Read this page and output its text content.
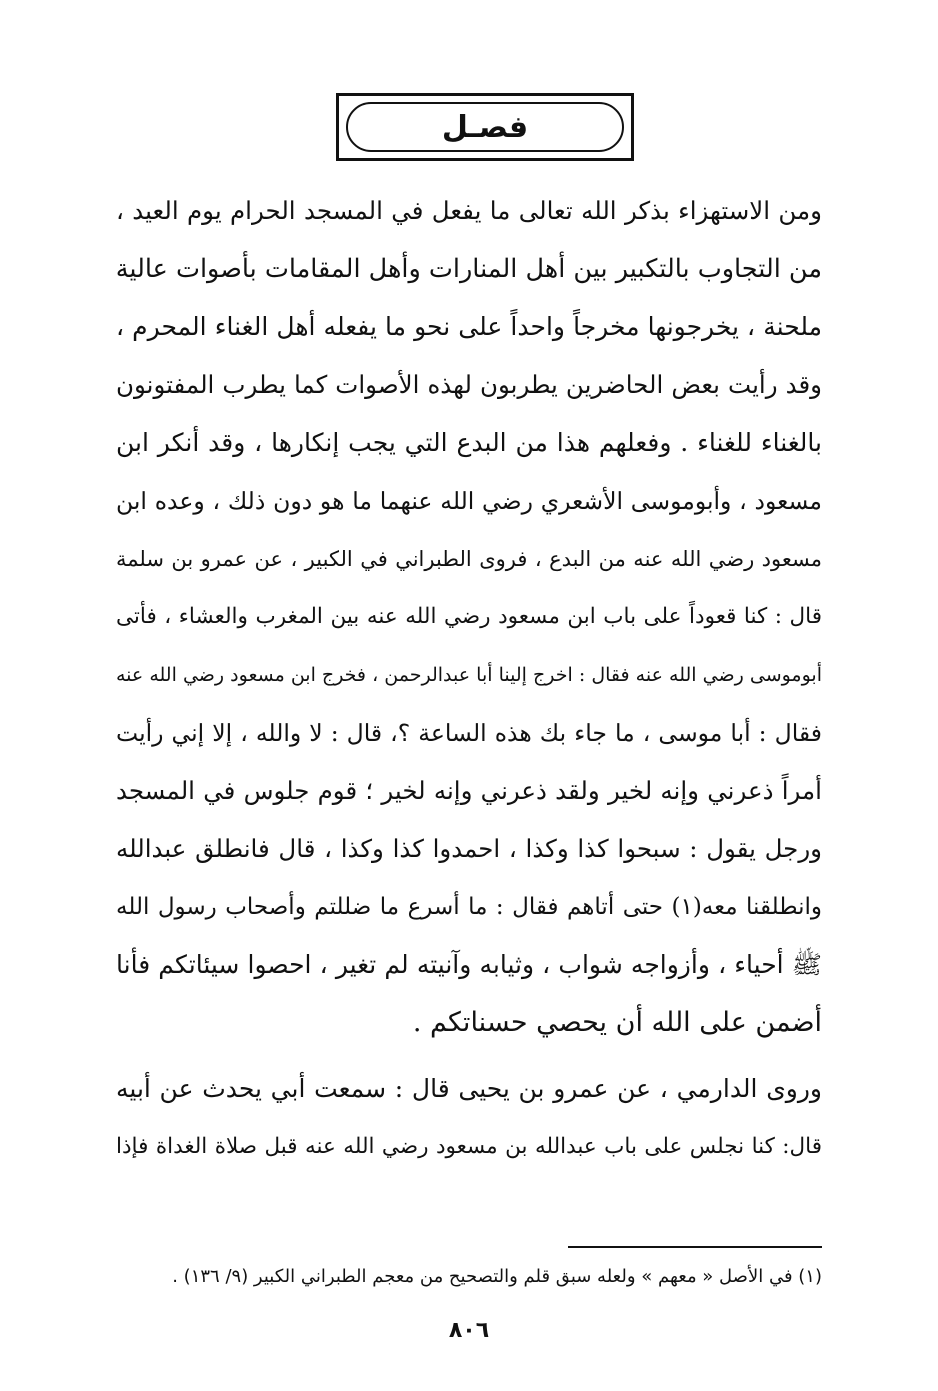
فصـل
ومن الاستهزاء بذكر الله تعالى ما يفعل في المسجد الحرام يوم العيد ،
من التجاوب بالتكبير بين أهل المنارات وأهل المقامات بأصوات عالية
ملحنة ، يخرجونها مخرجاً واحداً على نحو ما يفعله أهل الغناء المحرم ،
وقد رأيت بعض الحاضرين يطربون لهذه الأصوات كما يطرب المفتونون
بالغناء للغناء . وفعلهم هذا من البدع التي يجب إنكارها ، وقد أنكر ابن
مسعود ، وأبوموسى الأشعري رضي الله عنهما ما هو دون ذلك ، وعده ابن
مسعود رضي الله عنه من البدع ، فروى الطبراني في الكبير ، عن عمرو بن سلمة
قال : كنا قعوداً على باب ابن مسعود رضي الله عنه بين المغرب والعشاء ، فأتى
أبوموسى رضي الله عنه فقال : اخرج إلينا أبا عبدالرحمن ، فخرج ابن مسعود رضي الله عنه
فقال : أبا موسى ، ما جاء بك هذه الساعة ؟، قال : لا والله ، إلا إني رأيت
أمراً ذعرني وإنه لخير ولقد ذعرني وإنه لخير ؛ قوم جلوس في المسجد
ورجل يقول : سبحوا كذا وكذا ، احمدوا كذا وكذا ، قال فانطلق عبدالله
وانطلقنا معه(١) حتى أتاهم فقال : ما أسرع ما ضللتم وأصحاب رسول الله
ﷺ أحياء ، وأزواجه شواب ، وثيابه وآنيته لم تغير ، احصوا سيئاتكم فأنا
أضمن على الله أن يحصي حسناتكم .
وروى الدارمي ، عن عمرو بن يحيى قال : سمعت أبي يحدث عن أبيه
قال: كنا نجلس على باب عبدالله بن مسعود رضي الله عنه قبل صلاة الغداة فإذا
(١) في الأصل « معهم » ولعله سبق قلم والتصحيح من معجم الطبراني الكبير (٩/ ١٣٦) .
٨٠٦
